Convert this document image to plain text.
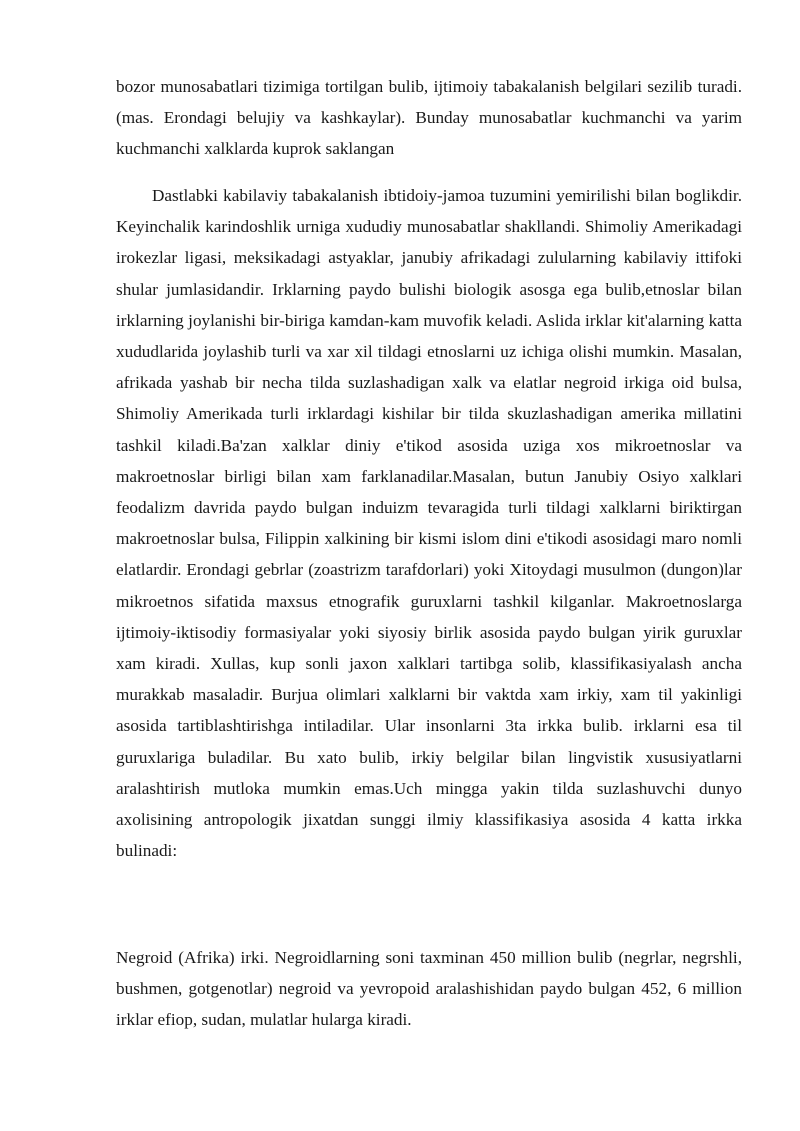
bozor munosabatlari tizimiga tortilgan bulib, ijtimoiy tabakalanish belgilari sezilib turadi. (mas. Erondagi belujiy va kashkaylar). Bunday munosabatlar kuchmanchi va yarim kuchmanchi xalklarda kuprok saklangan

Dastlabki kabilaviy tabakalanish ibtidoiy-jamoa tuzumini yemirilishi bilan boglikdir. Keyinchalik karindoshlik urniga xududiy munosabatlar shakllandi. Shimoliy Amerikadagi irokezlar ligasi, meksikadagi astyaklar, janubiy afrikadagi zulularning kabilaviy ittifoki shular jumlasidandir. Irklarning paydo bulishi biologik asosga ega bulib,etnoslar bilan irklarning joylanishi bir-biriga kamdan-kam muvofik keladi. Aslida irklar kit'alarning katta xududlarida joylashib turli va xar xil tildagi etnoslarni uz ichiga olishi mumkin. Masalan, afrikada yashab bir necha tilda suzlashadigan xalk va elatlar negroid irkiga oid bulsa, Shimoliy Amerikada turli irklardagi kishilar bir tilda skuzlashadigan amerika millatini tashkil kiladi.Ba'zan xalklar diniy e'tikod asosida uziga xos mikroetnoslar va makroetnoslar birligi bilan xam farklanadilar.Masalan, butun Janubiy Osiyo xalklari feodalizm davrida paydo bulgan induizm tevaragida turli tildagi xalklarni biriktirgan makroetnoslar bulsa, Filippin xalkining bir kismi islom dini e'tikodi asosidagi maro nomli elatlardir. Erondagi gebrlar (zoastrizm tarafdorlari) yoki Xitoydagi musulmon (dungon)lar mikroetnos sifatida maxsus etnografik guruxlarni tashkil kilganlar. Makroetnoslarga ijtimoiy-iktisodiy formasiyalar yoki siyosiy birlik asosida paydo bulgan yirik guruxlar xam kiradi. Xullas, kup sonli jaxon xalklari tartibga solib, klassifikasiyalash ancha murakkab masaladir. Burjua olimlari xalklarni bir vaktda xam irkiy, xam til yakinligi asosida tartiblashtirishga intiladilar. Ular insonlarni 3ta irkka bulib. irklarni esa til guruxlariga buladilar. Bu xato bulib, irkiy belgilar bilan lingvistik xususiyatlarni aralashtirish mutloka mumkin emas.Uch mingga yakin tilda suzlashuvchi dunyo axolisining antropologik jixatdan sunggi ilmiy klassifikasiya asosida 4 katta irkka bulinadi:

Negroid (Afrika) irki. Negroidlarning soni taxminan 450 million bulib (negrlar, negrshli, bushmen, gotgenotlar) negroid va yevropoid aralashishidan paydo bulgan 452, 6 million irklar efiop, sudan, mulatlar hularga kiradi.
